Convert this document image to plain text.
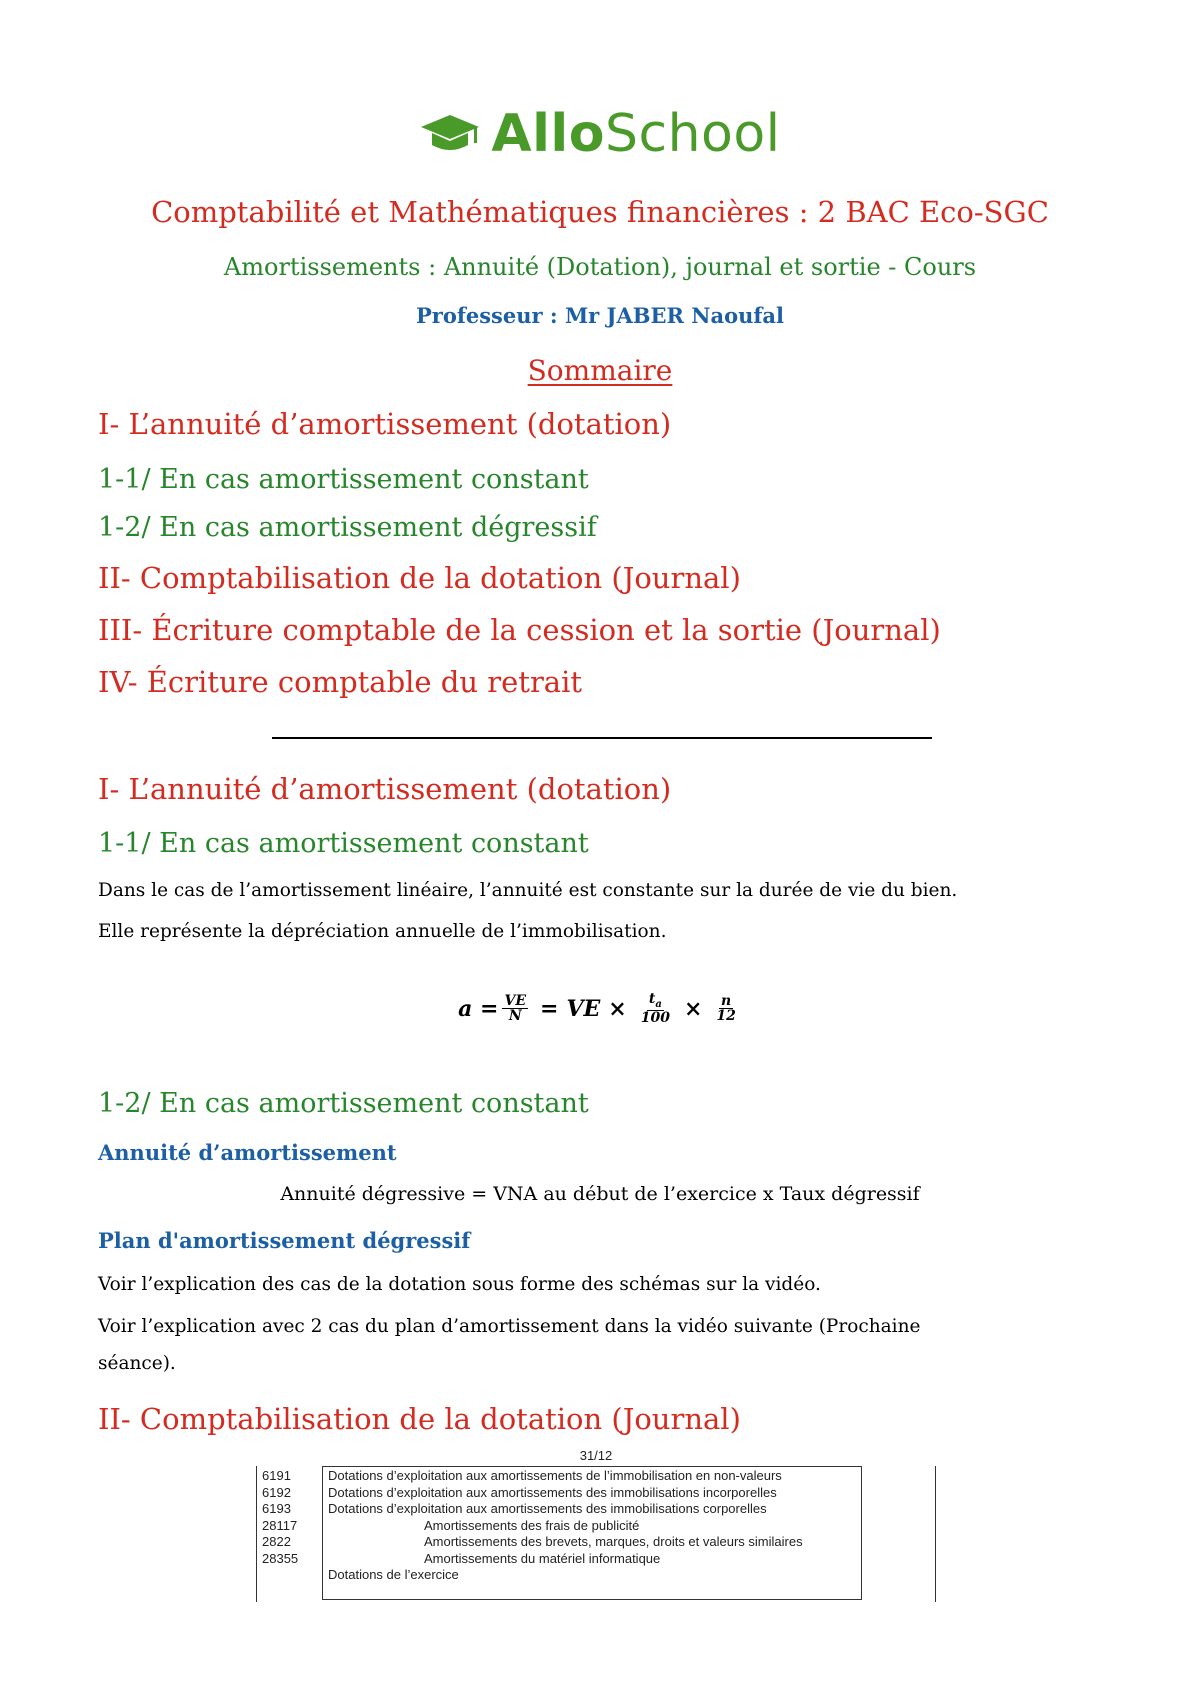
AlloSchool
Comptabilité et Mathématiques financières : 2 BAC Eco-SGC
Amortissements : Annuité (Dotation), journal et sortie - Cours
Professeur : Mr JABER Naoufal
Sommaire
I- L’annuité d’amortissement (dotation)
1-1/ En cas amortissement constant
1-2/ En cas amortissement dégressif
II- Comptabilisation de la dotation (Journal)
III- Écriture comptable de la cession et la sortie (Journal)
IV- Écriture comptable du retrait
I- L’annuité d’amortissement (dotation)
1-1/ En cas amortissement constant
Dans le cas de l’amortissement linéaire, l’annuité est constante sur la durée de vie du bien.
Elle représente la dépréciation annuelle de l’immobilisation.
$a = \frac{VE}{N}$ = VE × $\frac{t_a}{100} \times \frac{n}{12}$
1-2/ En cas amortissement constant
Annuité d’amortissement
Annuité dégressive = VNA au début de l’exercice x Taux dégressif
Plan d'amortissement dégressif
Voir l’explication des cas de la dotation sous forme des schémas sur la vidéo.
Voir l’explication avec 2 cas du plan d’amortissement dans la vidéo suivante (Prochaine
séance).
II- Comptabilisation de la dotation (Journal)
31/12
6191	Dotations d’exploitation aux amortissements de l’immobilisation en non-valeurs
6192	Dotations d’exploitation aux amortissements des immobilisations incorporelles
6193	Dotations d’exploitation aux amortissements des immobilisations corporelles
28117	Amortissements des frais de publicité
2822	Amortissements des brevets, marques, droits et valeurs similaires
28355	Amortissements du matériel informatique
Dotations de l’exercice
